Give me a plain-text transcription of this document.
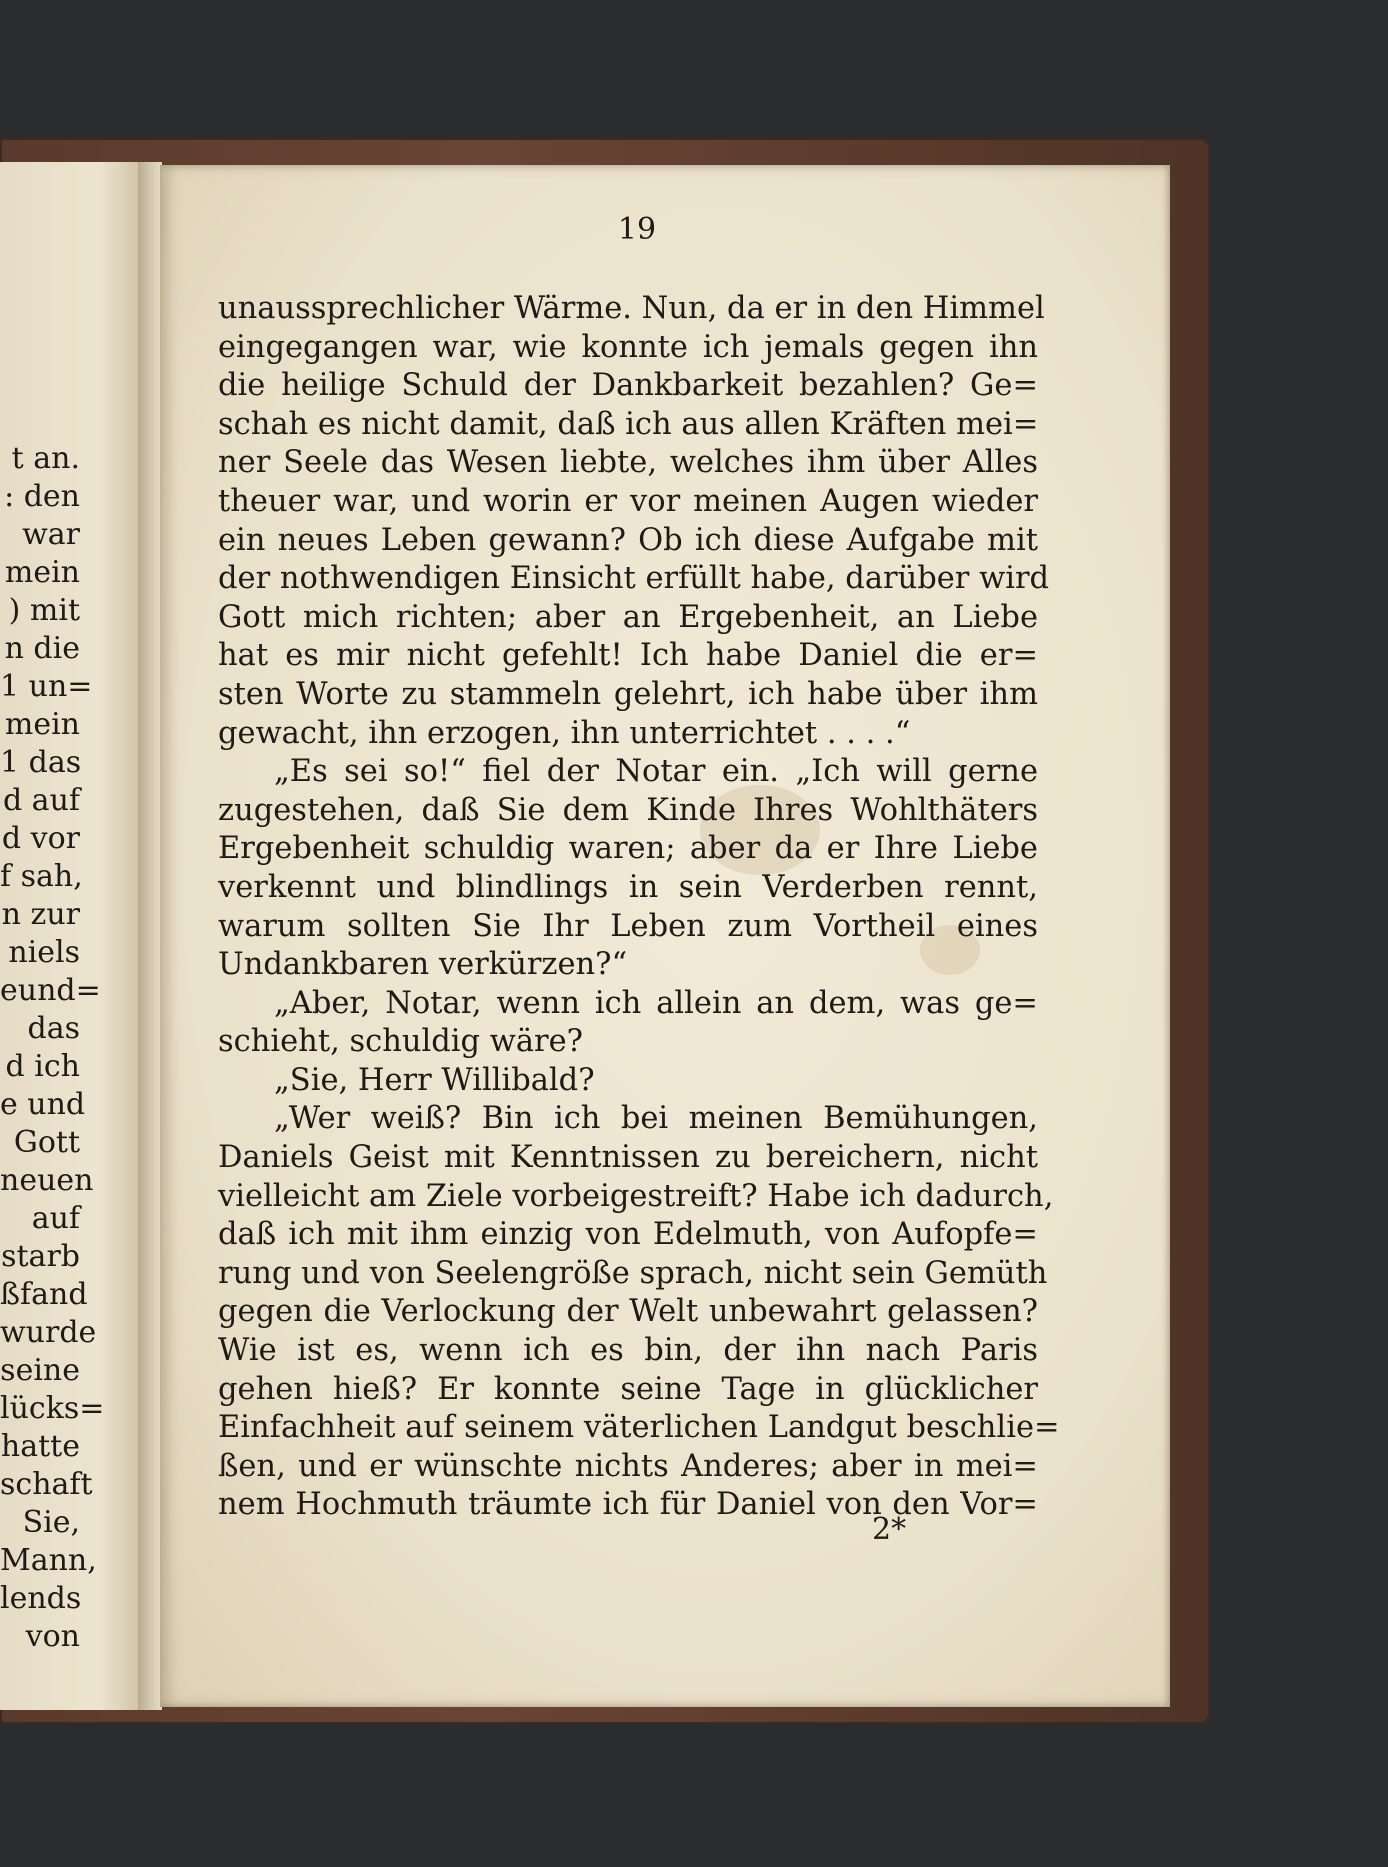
t an.
: den
war
mein
) mit
n die
1 un=
mein
1 das
d auf
d vor
f sah,
n zur
niels
eund=
das
d ich
e und
Gott
neuen
auf
starb
ßfand
wurde
seine
lücks=
hatte
schaft
Sie,
Mann,
lends
von
19
unaussprechlicher Wärme. Nun, da er in den Himmel
eingegangen war, wie konnte ich jemals gegen ihn
die heilige Schuld der Dankbarkeit bezahlen? Ge=
schah es nicht damit, daß ich aus allen Kräften mei=
ner Seele das Wesen liebte, welches ihm über Alles
theuer war, und worin er vor meinen Augen wieder
ein neues Leben gewann? Ob ich diese Aufgabe mit
der nothwendigen Einsicht erfüllt habe, darüber wird
Gott mich richten; aber an Ergebenheit, an Liebe
hat es mir nicht gefehlt! Ich habe Daniel die er=
sten Worte zu stammeln gelehrt, ich habe über ihm
gewacht, ihn erzogen, ihn unterrichtet . . . .“
„Es sei so!“ fiel der Notar ein. „Ich will gerne
zugestehen, daß Sie dem Kinde Ihres Wohlthäters
Ergebenheit schuldig waren; aber da er Ihre Liebe
verkennt und blindlings in sein Verderben rennt,
warum sollten Sie Ihr Leben zum Vortheil eines
Undankbaren verkürzen?“
„Aber, Notar, wenn ich allein an dem, was ge=
schieht, schuldig wäre?
„Sie, Herr Willibald?
„Wer weiß? Bin ich bei meinen Bemühungen,
Daniels Geist mit Kenntnissen zu bereichern, nicht
vielleicht am Ziele vorbeigestreift? Habe ich dadurch,
daß ich mit ihm einzig von Edelmuth, von Aufopfe=
rung und von Seelengröße sprach, nicht sein Gemüth
gegen die Verlockung der Welt unbewahrt gelassen?
Wie ist es, wenn ich es bin, der ihn nach Paris
gehen hieß? Er konnte seine Tage in glücklicher
Einfachheit auf seinem väterlichen Landgut beschlie=
ßen, und er wünschte nichts Anderes; aber in mei=
nem Hochmuth träumte ich für Daniel von den Vor=
2*
